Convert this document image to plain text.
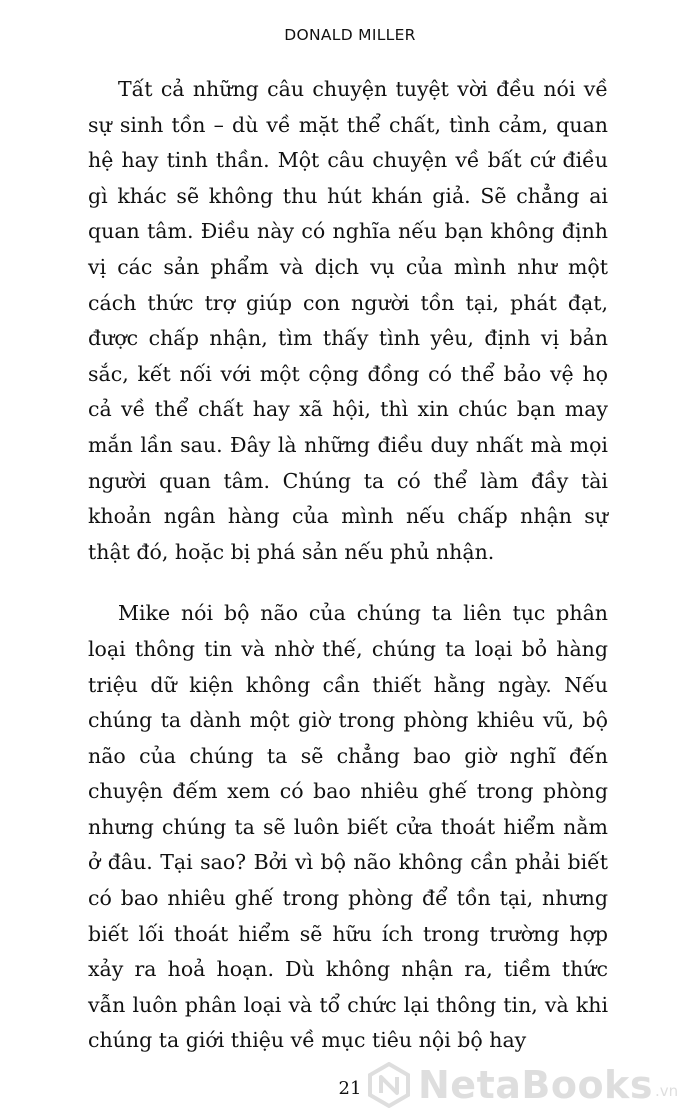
DONALD MILLER

Tất cả những câu chuyện tuyệt vời đều nói về sự sinh tồn – dù về mặt thể chất, tình cảm, quan hệ hay tinh thần. Một câu chuyện về bất cứ điều gì khác sẽ không thu hút khán giả. Sẽ chẳng ai quan tâm. Điều này có nghĩa nếu bạn không định vị các sản phẩm và dịch vụ của mình như một cách thức trợ giúp con người tồn tại, phát đạt, được chấp nhận, tìm thấy tình yêu, định vị bản sắc, kết nối với một cộng đồng có thể bảo vệ họ cả về thể chất hay xã hội, thì xin chúc bạn may mắn lần sau. Đây là những điều duy nhất mà mọi người quan tâm. Chúng ta có thể làm đầy tài khoản ngân hàng của mình nếu chấp nhận sự thật đó, hoặc bị phá sản nếu phủ nhận.

Mike nói bộ não của chúng ta liên tục phân loại thông tin và nhờ thế, chúng ta loại bỏ hàng triệu dữ kiện không cần thiết hằng ngày. Nếu chúng ta dành một giờ trong phòng khiêu vũ, bộ não của chúng ta sẽ chẳng bao giờ nghĩ đến chuyện đếm xem có bao nhiêu ghế trong phòng nhưng chúng ta sẽ luôn biết cửa thoát hiểm nằm ở đâu. Tại sao? Bởi vì bộ não không cần phải biết có bao nhiêu ghế trong phòng để tồn tại, nhưng biết lối thoát hiểm sẽ hữu ích trong trường hợp xảy ra hoả hoạn. Dù không nhận ra, tiềm thức vẫn luôn phân loại và tổ chức lại thông tin, và khi chúng ta giới thiệu về mục tiêu nội bộ hay

21	NetaBooks .vn
